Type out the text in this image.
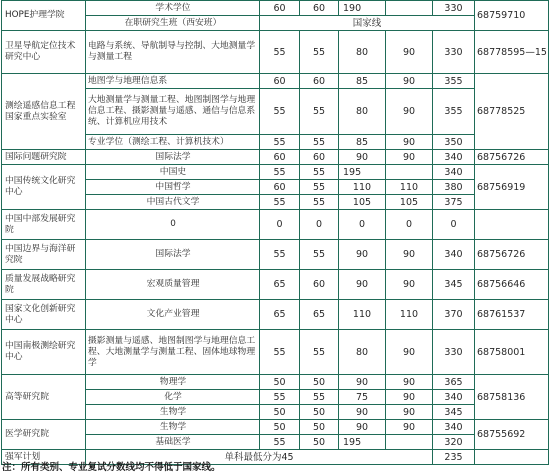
HOPE护理学院	学术学位	60	60	190		330	68759710
	在职研究生班（西安班）	国家线					
卫星导航定位技术研究中心	电路与系统、导航制导与控制、大地测量学与测量工程	55	55	80	90	330	68778595—15
测绘遥感信息工程国家重点实验室	地图学与地理信息系	60	60	85	90	355	68778525
	大地测量学与测量工程、地图制图学与地理信息工程、摄影测量与遥感、通信与信息系统、计算机应用技术	55	55	80	90	355	
	专业学位（测绘工程、计算机技术）	55	55	85	90	350	
国际问题研究院	国际法学	60	60	90	90	340	68756726
中国传统文化研究中心	中国史	55	55	195		340	68756919
	中国哲学	60	55	110	110	380	
	中国古代文学	55	55	105	105	375	
中国中部发展研究院	0	0	0	0	0	0	
中国边界与海洋研究院	国际法学	55	55	90	90	340	68756726
质量发展战略研究院	宏观质量管理	65	60	90	90	345	68756646
国家文化创新研究中心	文化产业管理	65	65	110	110	370	68761537
中国南极测绘研究中心	摄影测量与遥感、地图制图学与地理信息工程、大地测量学与测量工程、固体地球物理学	55	55	80	90	330	68758001
高等研究院	物理学	50	50	90	90	365	68758136
	化学	55	55	75	90	340	
	生物学	50	50	90	90	345	
医学研究院	生物学	50	50	90	90	340	68755692
	基础医学	55	50	195		320	
强军计划	单科最低分为45					235	
注：所有类别、专业复试分数线均不得低于国家线。
